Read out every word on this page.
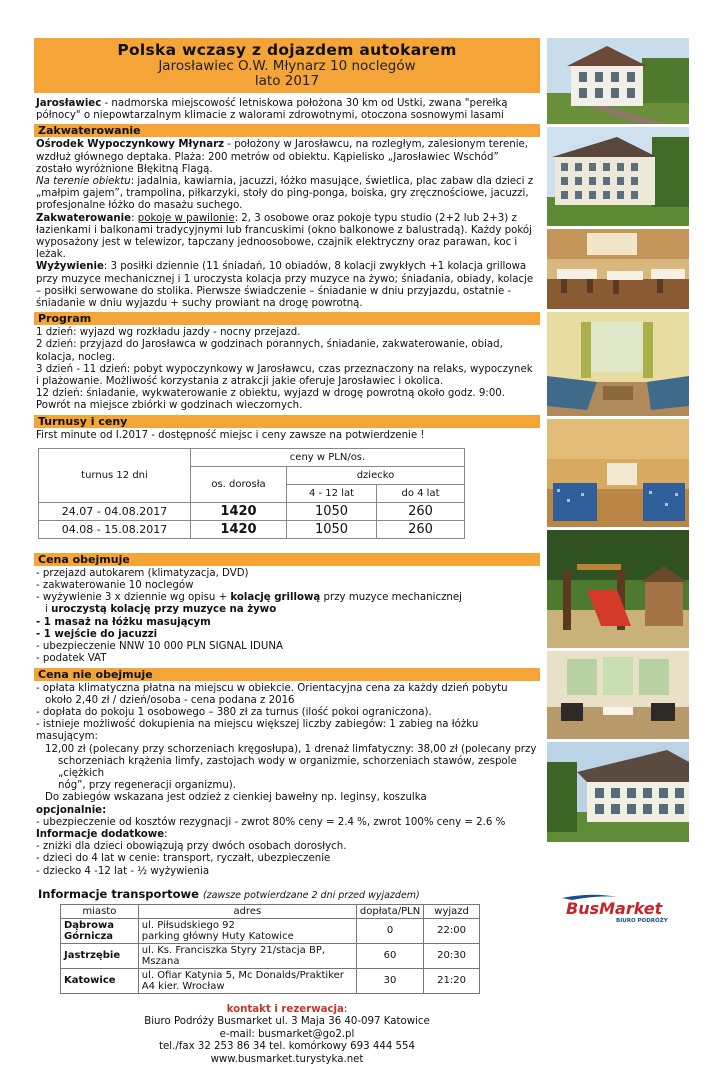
Polska wczasy z dojazdem autokarem
Jarosławiec O.W. Młynarz 10 noclegów
lato 2017
Jarosławiec - nadmorska miejscowość letniskowa położona 30 km od Ustki, zwana "perełką północy" o niepowtarzalnym klimacie z walorami zdrowotnymi, otoczona sosnowymi lasami
Zakwaterowanie
Ośrodek Wypoczynkowy Młynarz - położony w Jarosławcu, na rozległym, zalesionym terenie, wzdłuż głównego deptaka. Plaża: 200 metrów od obiektu. Kąpielisko „Jarosławiec Wschód” zostało wyróżnione Błękitną Flagą.
Na terenie obiektu: jadalnia, kawiarnia, jacuzzi, łóżko masujące, świetlica, plac zabaw dla dzieci z „małpim gajem”, trampolina, piłkarzyki, stoły do ping-ponga, boiska, gry zręcznościowe, jacuzzi, profesjonalne łóżko do masażu suchego.
Zakwaterowanie: pokoje w pawilonie: 2, 3 osobowe oraz pokoje typu studio (2+2 lub 2+3) z łazienkami i balkonami tradycyjnymi lub francuskimi (okno balkonowe z balustradą). Każdy pokój wyposażony jest w telewizor, tapczany jednoosobowe, czajnik elektryczny oraz parawan, koc i leżak.
Wyżywienie: 3 posiłki dziennie (11 śniadań, 10 obiadów, 8 kolacji zwykłych +1 kolacja grillowa przy muzyce mechanicznej i 1 uroczysta kolacja przy muzyce na żywo; śniadania, obiady, kolacje – posiłki serwowane do stolika. Pierwsze świadczenie – śniadanie w dniu przyjazdu, ostatnie - śniadanie w dniu wyjazdu + suchy prowiant na drogę powrotną.
Program
1 dzień: wyjazd wg rozkładu jazdy - nocny przejazd.
2 dzień: przyjazd do Jarosławca w godzinach porannych, śniadanie, zakwaterowanie, obiad, kolacja, nocleg.
3 dzień - 11 dzień: pobyt wypoczynkowy w Jarosławcu, czas przeznaczony na relaks, wypoczynek i plażowanie. Możliwość korzystania z atrakcji jakie oferuje Jarosławiec i okolica.
12 dzień: śniadanie, wykwaterowanie z obiektu, wyjazd w drogę powrotną około godz. 9:00. Powrót na miejsce zbiórki w godzinach wieczornych.
Turnusy i ceny
First minute od I.2017 - dostępność miejsc i ceny zawsze na potwierdzenie !
turnus 12 dni	ceny w PLN/os.		
	os. dorosła	dziecko	
		4 - 12 lat	do 4 lat
24.07 - 04.08.2017	1420	1050	260
04.08 - 15.08.2017	1420	1050	260
Cena obejmuje
- przejazd autokarem (klimatyzacja, DVD)
- zakwaterowanie 10 noclegów
- wyżywienie 3 x dziennie wg opisu + kolację grillową przy muzyce mechanicznej
i uroczystą kolację przy muzyce na żywo
- 1 masaż na łóżku masującym
- 1 wejście do jacuzzi
- ubezpieczenie NNW 10 000 PLN SIGNAL IDUNA
- podatek VAT
Cena nie obejmuje
- opłata klimatyczna płatna na miejscu w obiekcie. Orientacyjna cena za każdy dzień pobytu
około 2,40 zł / dzień/osoba - cena podana z 2016
- dopłata do pokoju 1 osobowego – 380 zł za turnus (ilość pokoi ograniczona).
- istnieje możliwość dokupienia na miejscu większej liczby zabiegów: 1 zabieg na łóżku masującym:
12,00 zł (polecany przy schorzeniach kręgosłupa), 1 drenaż limfatyczny: 38,00 zł (polecany przy
schorzeniach krążenia limfy, zastojach wody w organizmie, schorzeniach stawów, zespole „ciężkich
nóg”, przy regeneracji organizmu).
Do zabiegów wskazana jest odzież z cienkiej bawełny np. leginsy, koszulka
opcjonalnie:
- ubezpieczenie od kosztów rezygnacji - zwrot 80% ceny = 2.4 %, zwrot 100% ceny = 2.6 %
Informacje dodatkowe:
- zniżki dla dzieci obowiązują przy dwóch osobach dorosłych.
- dzieci do 4 lat w cenie: transport, ryczałt, ubezpieczenie
- dziecko 4 -12 lat - ½ wyżywienia
Informacje transportowe (zawsze potwierdzane 2 dni przed wyjazdem)
miasto	adres	dopłata/PLN	wyjazd
Dąbrowa Górnicza	ul. Piłsudskiego 92
parking główny Huty Katowice	0	22:00
Jastrzębie	ul. Ks. Franciszka Styry 21/stacja BP, Mszana	60	20:30
Katowice	ul. Ofiar Katynia 5, Mc Donalds/Praktiker
A4 kier. Wrocław	30	21:20
kontakt i rezerwacja:
Biuro Podróży Busmarket ul. 3 Maja 36 40-097 Katowice
e-mail: busmarket@go2.pl
tel./fax 32 253 86 34 tel. komórkowy 693 444 554
www.busmarket.turystyka.net
BusMarket
BIURO PODRÓŻY
